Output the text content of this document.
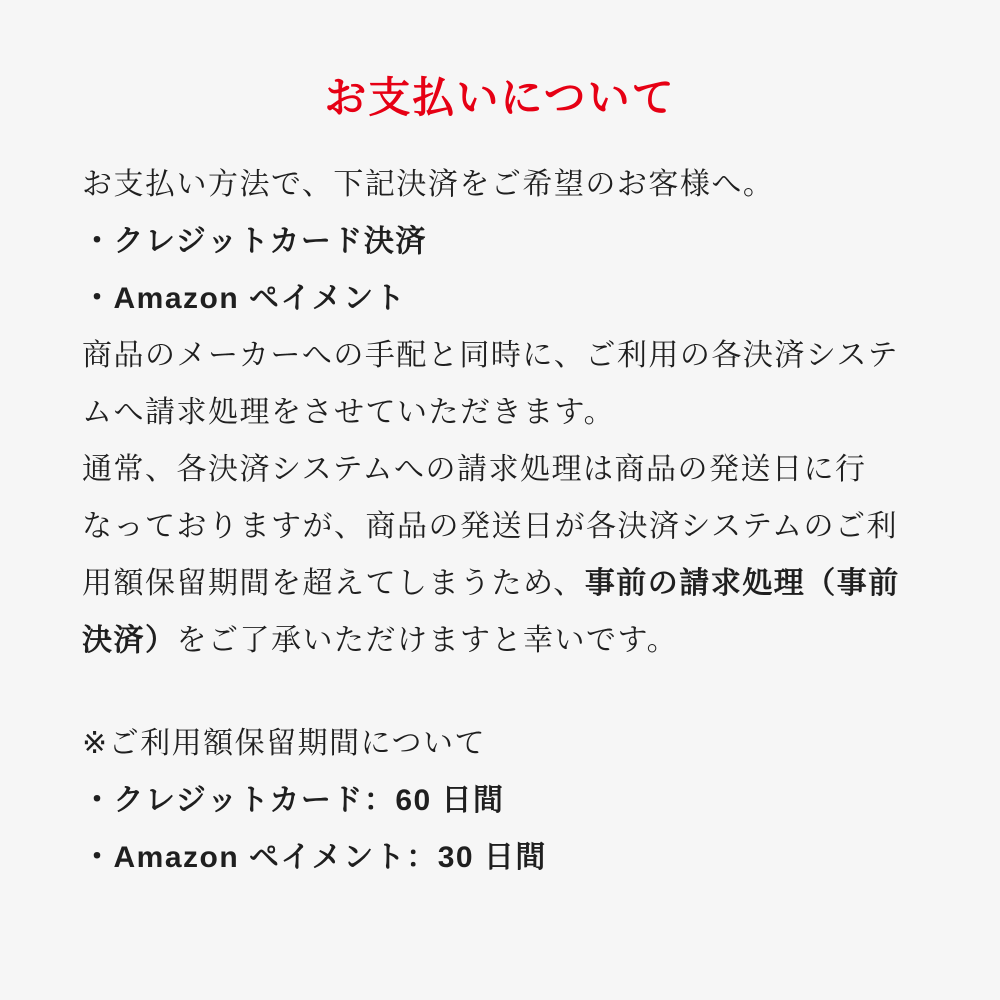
お支払いについて

お支払い方法で、下記決済をご希望のお客様へ。

・クレジットカード決済

・Amazon ペイメント

商品のメーカーへの手配と同時に、ご利用の各決済システ

ムへ請求処理をさせていただきます。

通常、各決済システムへの請求処理は商品の発送日に行

なっておりますが、商品の発送日が各決済システムのご利

用額保留期間を超えてしまうため、事前の請求処理（事前

決済）をご了承いただけますと幸いです。

※ご利用額保留期間について

・クレジットカード：60 日間

・Amazon ペイメント：30 日間
